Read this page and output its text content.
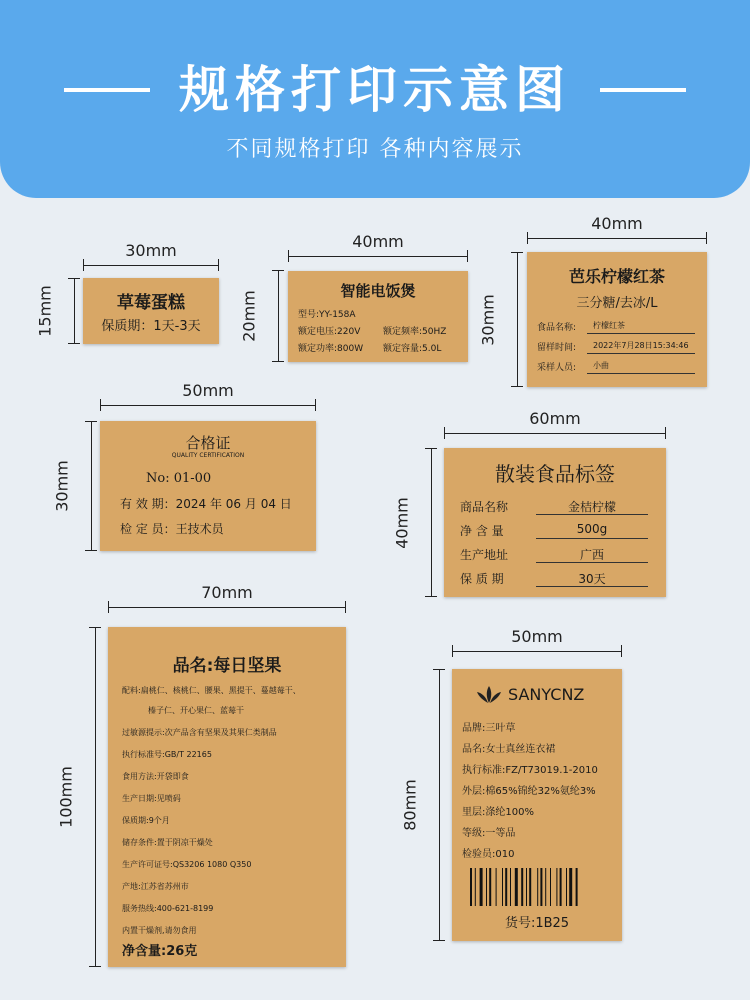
规格打印示意图
不同规格打印 各种内容展示
30mm
15mm	草莓蛋糕
保质期：1天-3天
40mm
20mm	智能电饭煲
型号:YY-158A
额定电压:220V	额定频率:50HZ
额定功率:800W 额定容量:5.0L
40mm
30mm
芭乐柠檬红茶
三分糖/去冰/L
食品名称: 柠檬红茶
留样时间: 2022年7月28日15:34:46
采样人员: 小曲
50mm
30mm
合格证
QUALITY CERTIFICATION
No: 01-00
有 效 期：2024 年 06 月 04 日
检 定 员：王技术员
60mm
40mm
散装食品标签
商品名称	金桔柠檬
净 含 量	500g
生产地址	广西
保 质 期	30天
70mm
100mm
品名:每日坚果
配料:扁桃仁、核桃仁、腰果、黑提干、蔓越莓干、
榛子仁、开心果仁、蓝莓干
过敏源提示:次产品含有坚果及其果仁类制品
执行标准号:GB/T 22165
食用方法:开袋即食
生产日期:见喷码
保质期:9个月
储存条件:置于阴凉干燥处
生产许可证号:QS3206 1080 Q350
产地:江苏省苏州市
服务热线:400-621-8199
内置干燥剂,请勿食用
净含量:26克
50mm
80mm
SANYCNZ
品牌:三叶草
品名:女士真丝连衣裙
执行标准:FZ/T73019.1-2010
外层:棉65%锦纶32%氨纶3%
里层:涤纶100%
等级:一等品
检验员:010
货号:1B25
